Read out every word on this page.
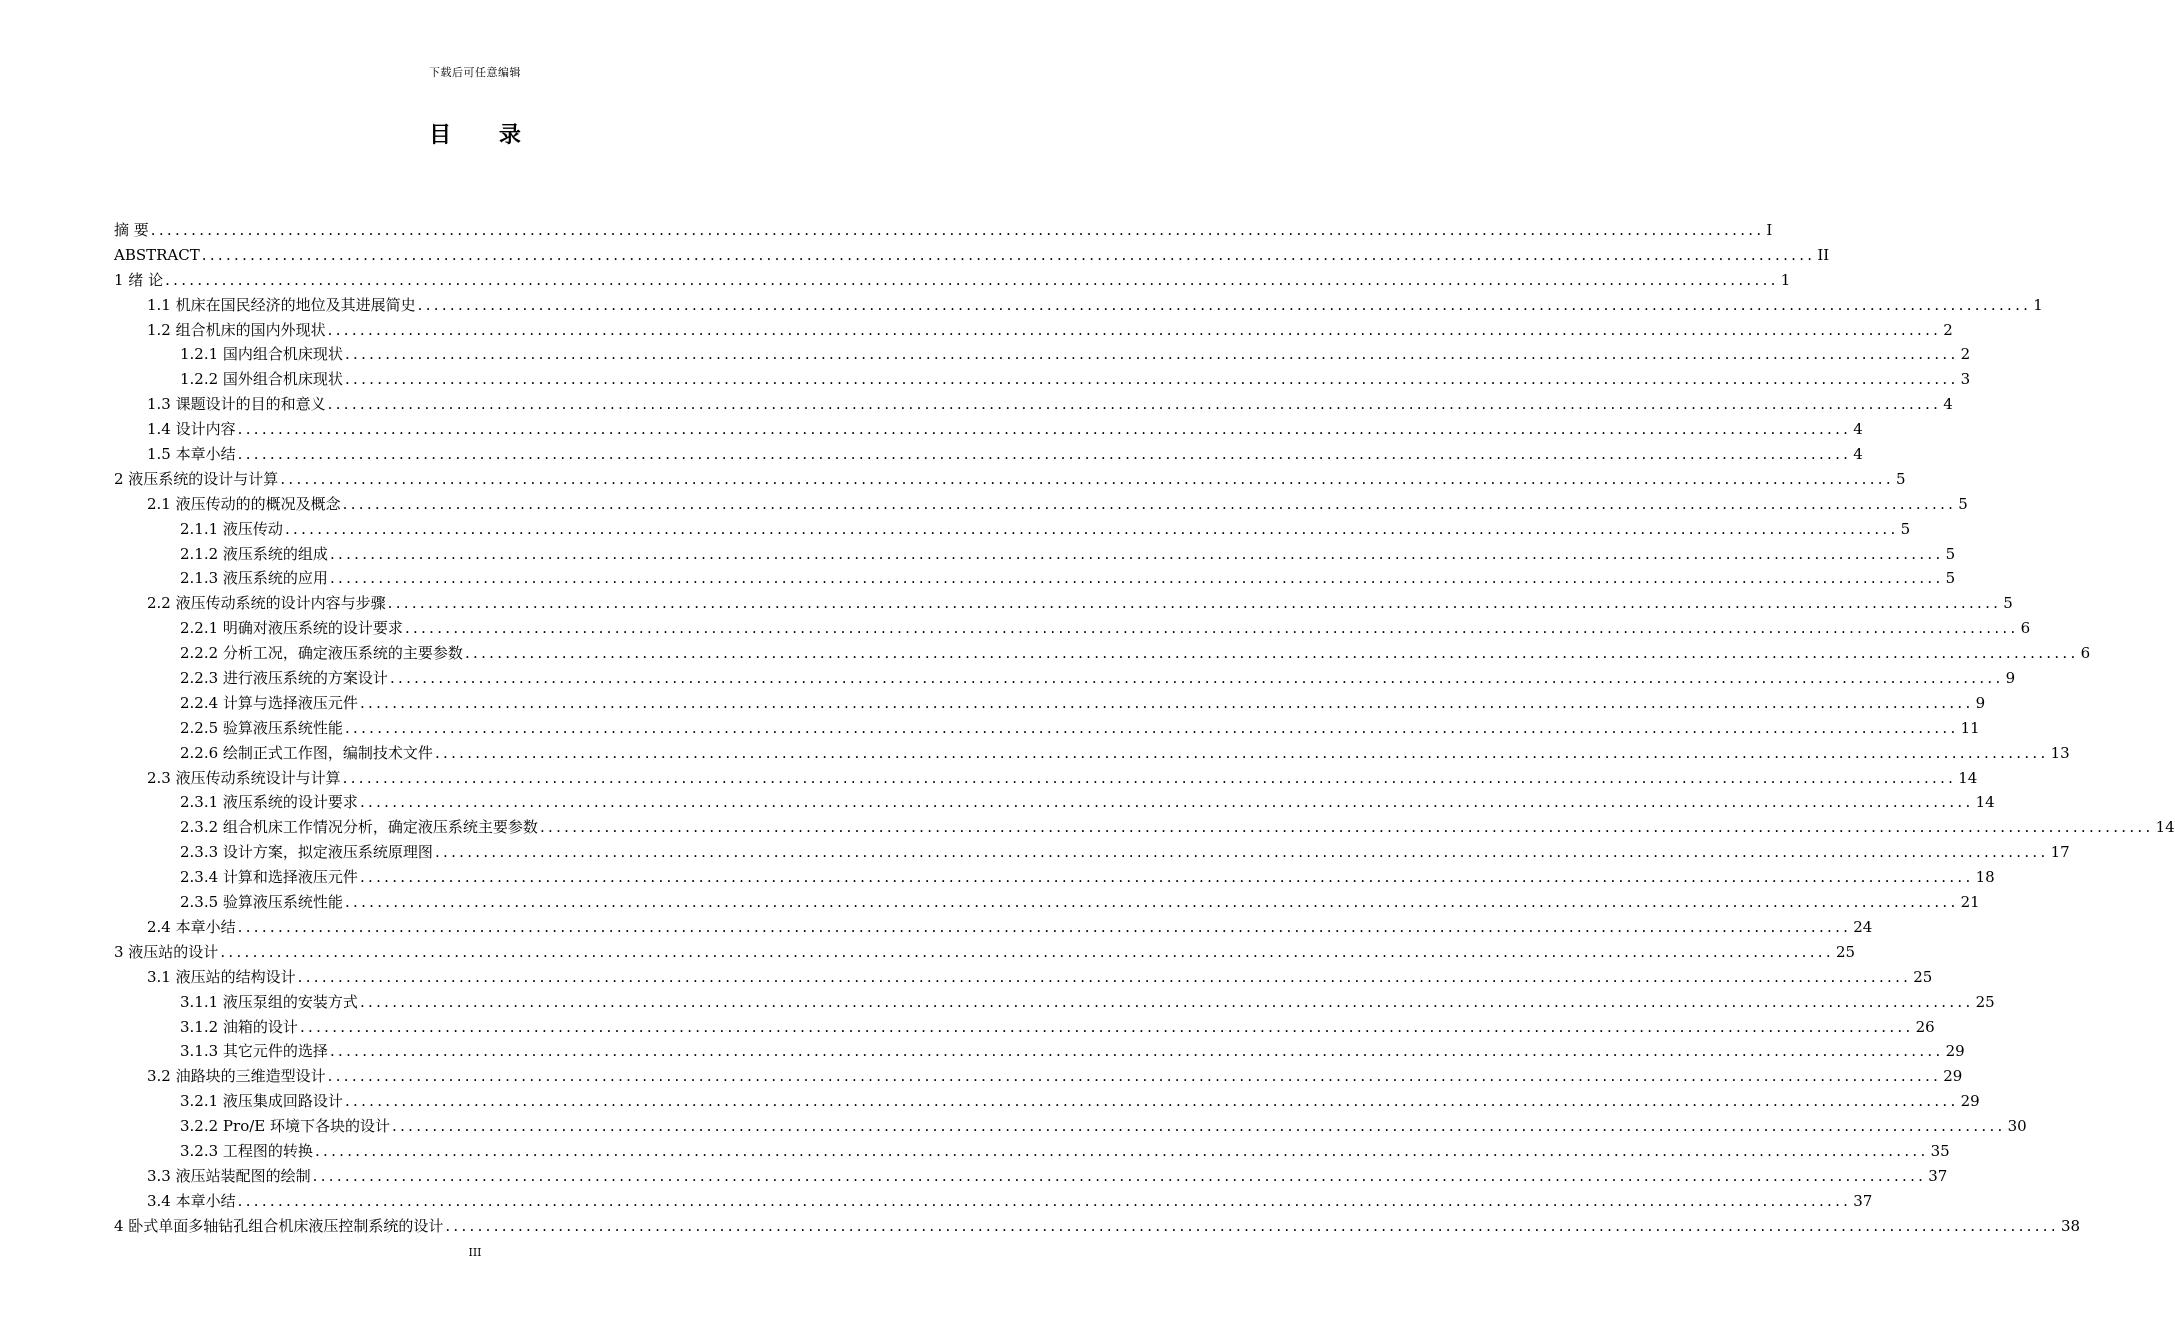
下载后可任意编辑
目 录
摘 要 ........................................................................................................................................................................................................ I
ABSTRACT ........................................................................................................................................................................................................ II
1 绪 论 ........................................................................................................................................................................................................ 1
1.1 机床在国民经济的地位及其进展简史 ........................................................................................................................................................................................................ 1
1.2 组合机床的国内外现状 ........................................................................................................................................................................................................ 2
1.2.1 国内组合机床现状 ........................................................................................................................................................................................................ 2
1.2.2 国外组合机床现状 ........................................................................................................................................................................................................ 3
1.3 课题设计的目的和意义 ........................................................................................................................................................................................................ 4
1.4 设计内容 ........................................................................................................................................................................................................ 4
1.5 本章小结 ........................................................................................................................................................................................................ 4
2 液压系统的设计与计算 ........................................................................................................................................................................................................ 5
2.1 液压传动的的概况及概念 ........................................................................................................................................................................................................ 5
2.1.1 液压传动 ........................................................................................................................................................................................................ 5
2.1.2 液压系统的组成 ........................................................................................................................................................................................................ 5
2.1.3 液压系统的应用 ........................................................................................................................................................................................................ 5
2.2 液压传动系统的设计内容与步骤 ........................................................................................................................................................................................................ 5
2.2.1 明确对液压系统的设计要求 ........................................................................................................................................................................................................ 6
2.2.2 分析工况，确定液压系统的主要参数 ........................................................................................................................................................................................................ 6
2.2.3 进行液压系统的方案设计 ........................................................................................................................................................................................................ 9
2.2.4 计算与选择液压元件 ........................................................................................................................................................................................................ 9
2.2.5 验算液压系统性能 ........................................................................................................................................................................................................ 11
2.2.6 绘制正式工作图，编制技术文件 ........................................................................................................................................................................................................ 13
2.3 液压传动系统设计与计算 ........................................................................................................................................................................................................ 14
2.3.1 液压系统的设计要求 ........................................................................................................................................................................................................ 14
2.3.2 组合机床工作情况分析，确定液压系统主要参数 ........................................................................................................................................................................................................ 14
2.3.3 设计方案，拟定液压系统原理图 ........................................................................................................................................................................................................ 17
2.3.4 计算和选择液压元件 ........................................................................................................................................................................................................ 18
2.3.5 验算液压系统性能 ........................................................................................................................................................................................................ 21
2.4 本章小结 ........................................................................................................................................................................................................ 24
3 液压站的设计 ........................................................................................................................................................................................................ 25
3.1 液压站的结构设计 ........................................................................................................................................................................................................ 25
3.1.1 液压泵组的安装方式 ........................................................................................................................................................................................................ 25
3.1.2 油箱的设计 ........................................................................................................................................................................................................ 26
3.1.3 其它元件的选择 ........................................................................................................................................................................................................ 29
3.2 油路块的三维造型设计 ........................................................................................................................................................................................................ 29
3.2.1 液压集成回路设计 ........................................................................................................................................................................................................ 29
3.2.2 Pro/E 环境下各块的设计 ........................................................................................................................................................................................................ 30
3.2.3 工程图的转换 ........................................................................................................................................................................................................ 35
3.3 液压站装配图的绘制 ........................................................................................................................................................................................................ 37
3.4 本章小结 ........................................................................................................................................................................................................ 37
4 卧式单面多轴钻孔组合机床液压控制系统的设计 ........................................................................................................................................................................................................ 38
III
